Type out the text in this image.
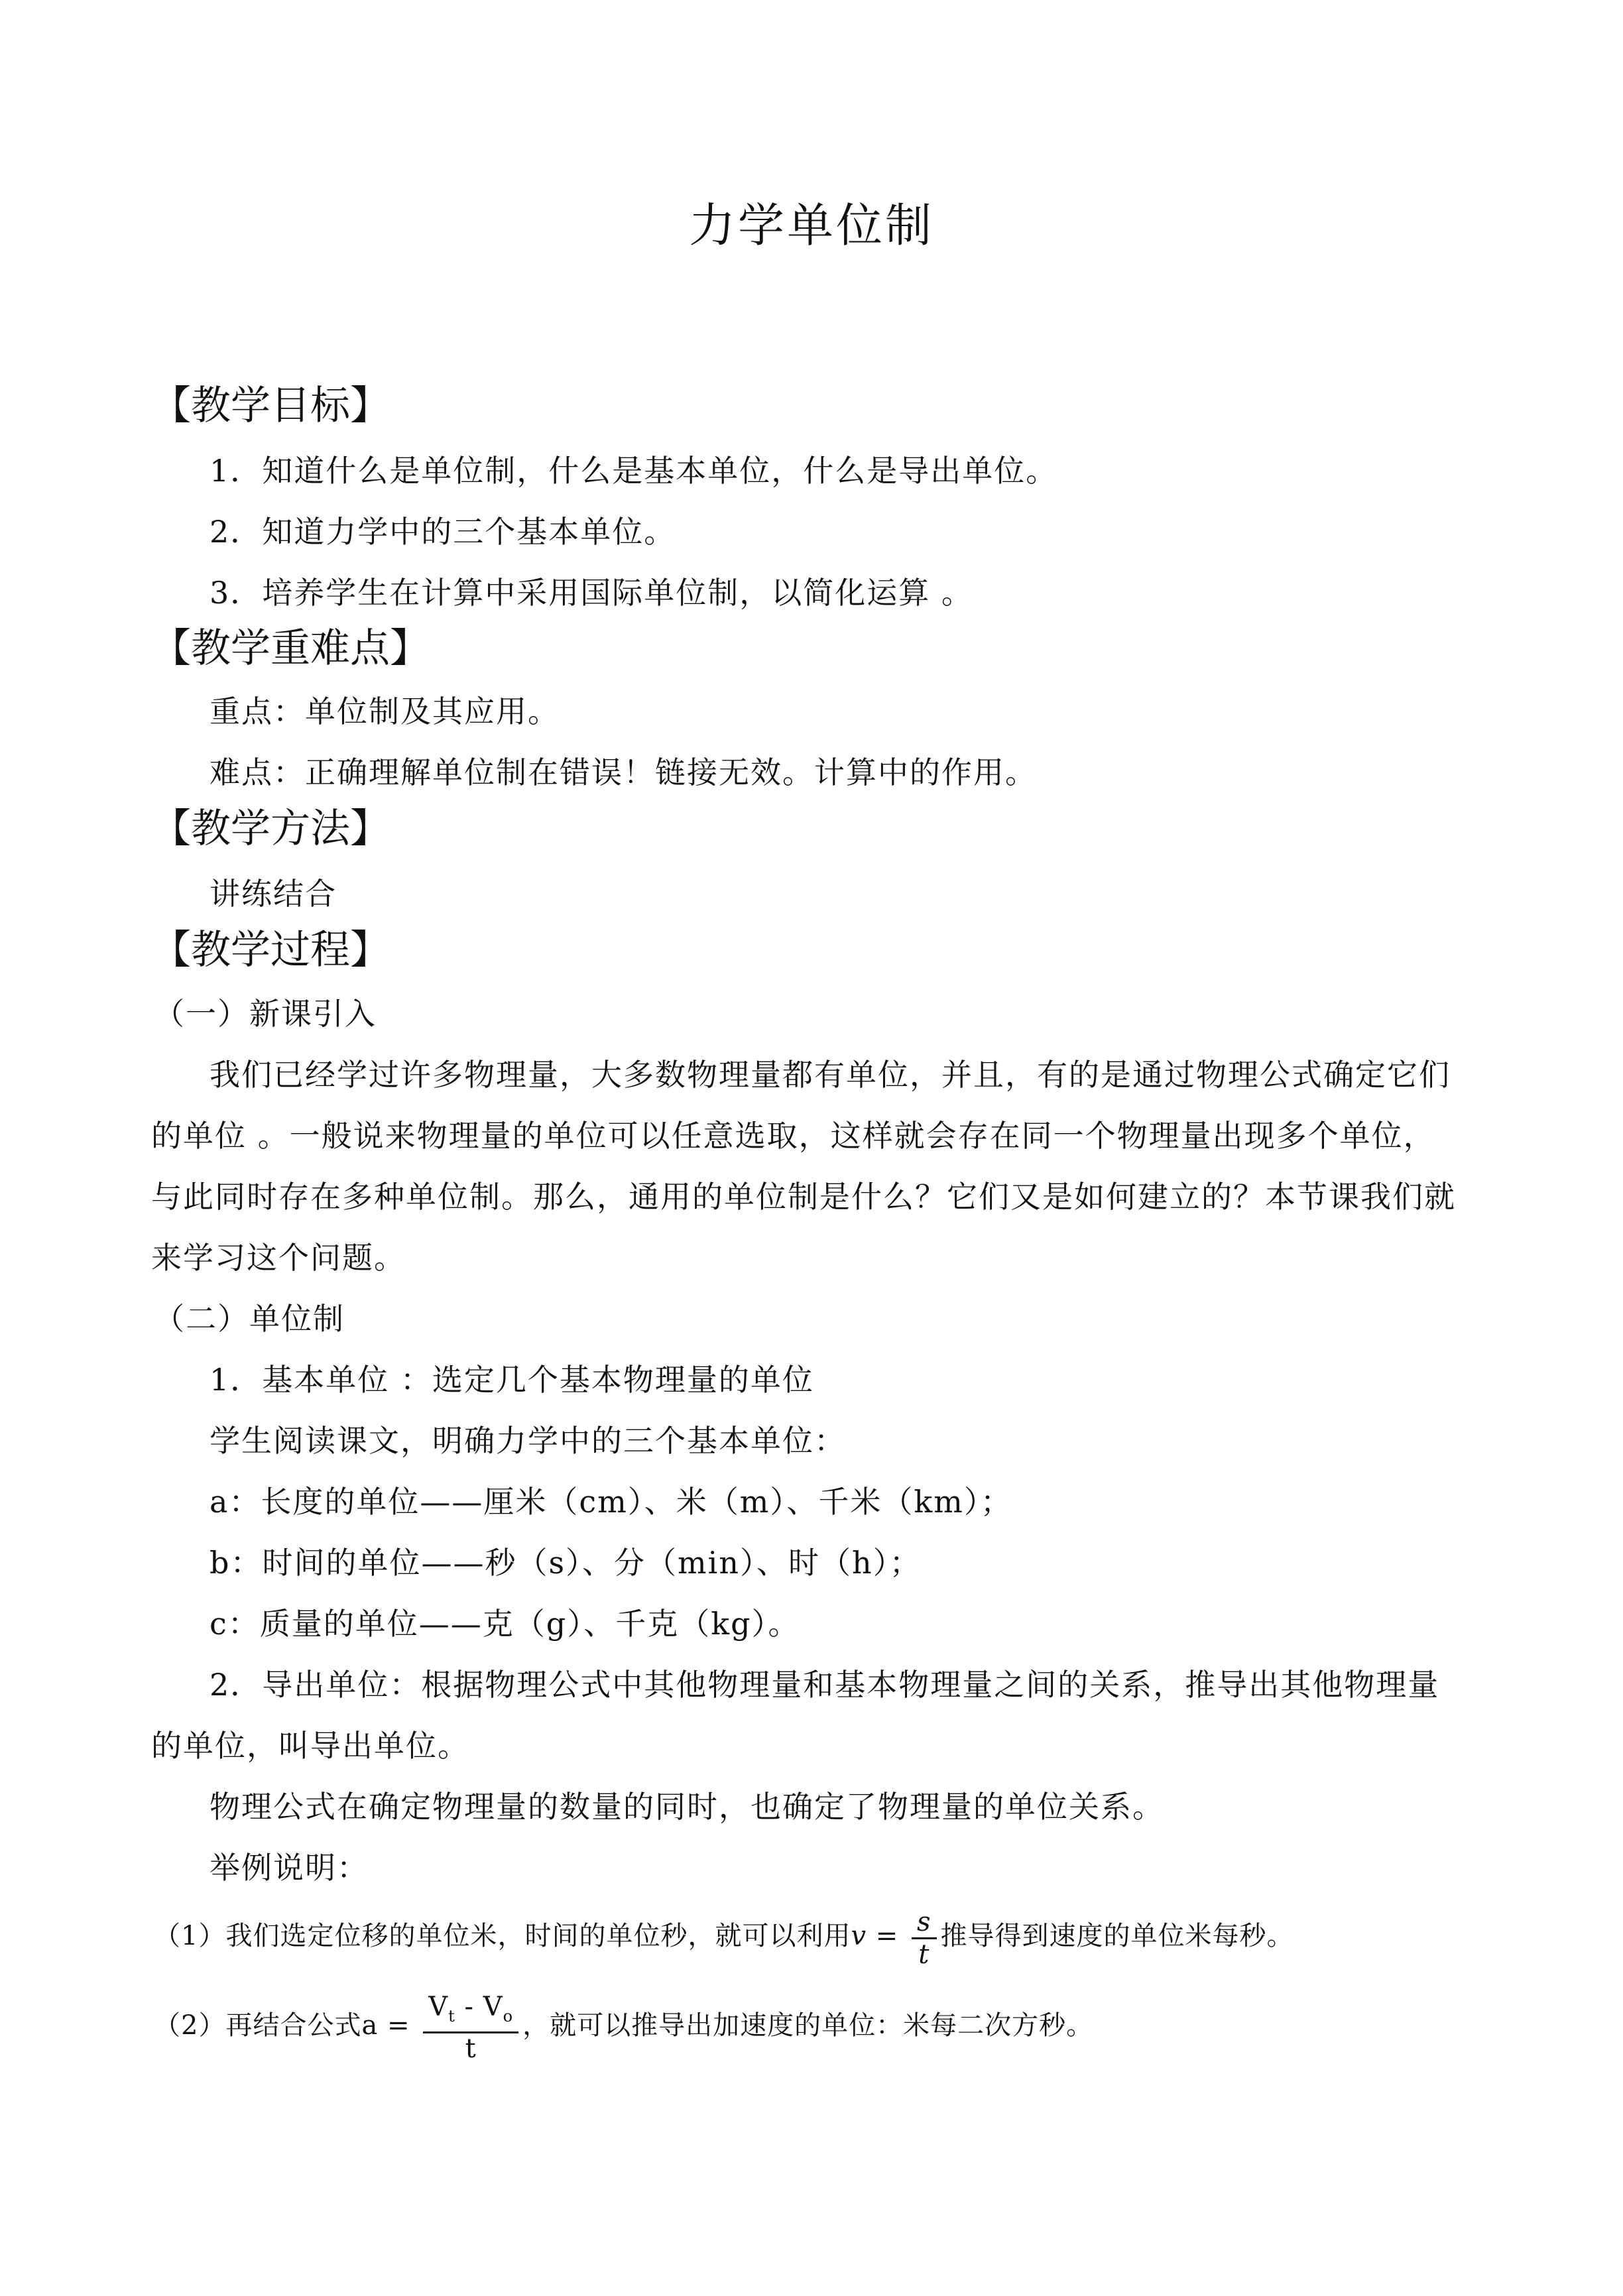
力学单位制
【教学目标】
1．知道什么是单位制，什么是基本单位，什么是导出单位。
2．知道力学中的三个基本单位。
3．培养学生在计算中采用国际单位制，以简化运算 。
【教学重难点】
重点：单位制及其应用。
难点：正确理解单位制在错误！链接无效。计算中的作用。
【教学方法】
讲练结合
【教学过程】
（一）新课引入
我们已经学过许多物理量，大多数物理量都有单位，并且，有的是通过物理公式确定它们
的单位 。一般说来物理量的单位可以任意选取，这样就会存在同一个物理量出现多个单位，
与此同时存在多种单位制。那么，通用的单位制是什么？它们又是如何建立的？本节课我们就
来学习这个问题。
（二）单位制
1．基本单位 ：选定几个基本物理量的单位
学生阅读课文，明确力学中的三个基本单位：
a：长度的单位——厘米（cm）、米（m）、千米（km）；
b：时间的单位——秒（s）、分（min）、时（h）；
c：质量的单位——克（g）、千克（kg）。
2．导出单位：根据物理公式中其他物理量和基本物理量之间的关系，推导出其他物理量
的单位，叫导出单位。
物理公式在确定物理量的数量的同时，也确定了物理量的单位关系。
举例说明：
（1）我们选定位移的单位米，时间的单位秒，就可以利用$v = \frac{s}{t}$ 推导得到速度的单位米每秒。
（2）再结合公式$a = \frac{V_t - V_o}{t}$ ，就可以推导出加速度的单位：米每二次方秒。
